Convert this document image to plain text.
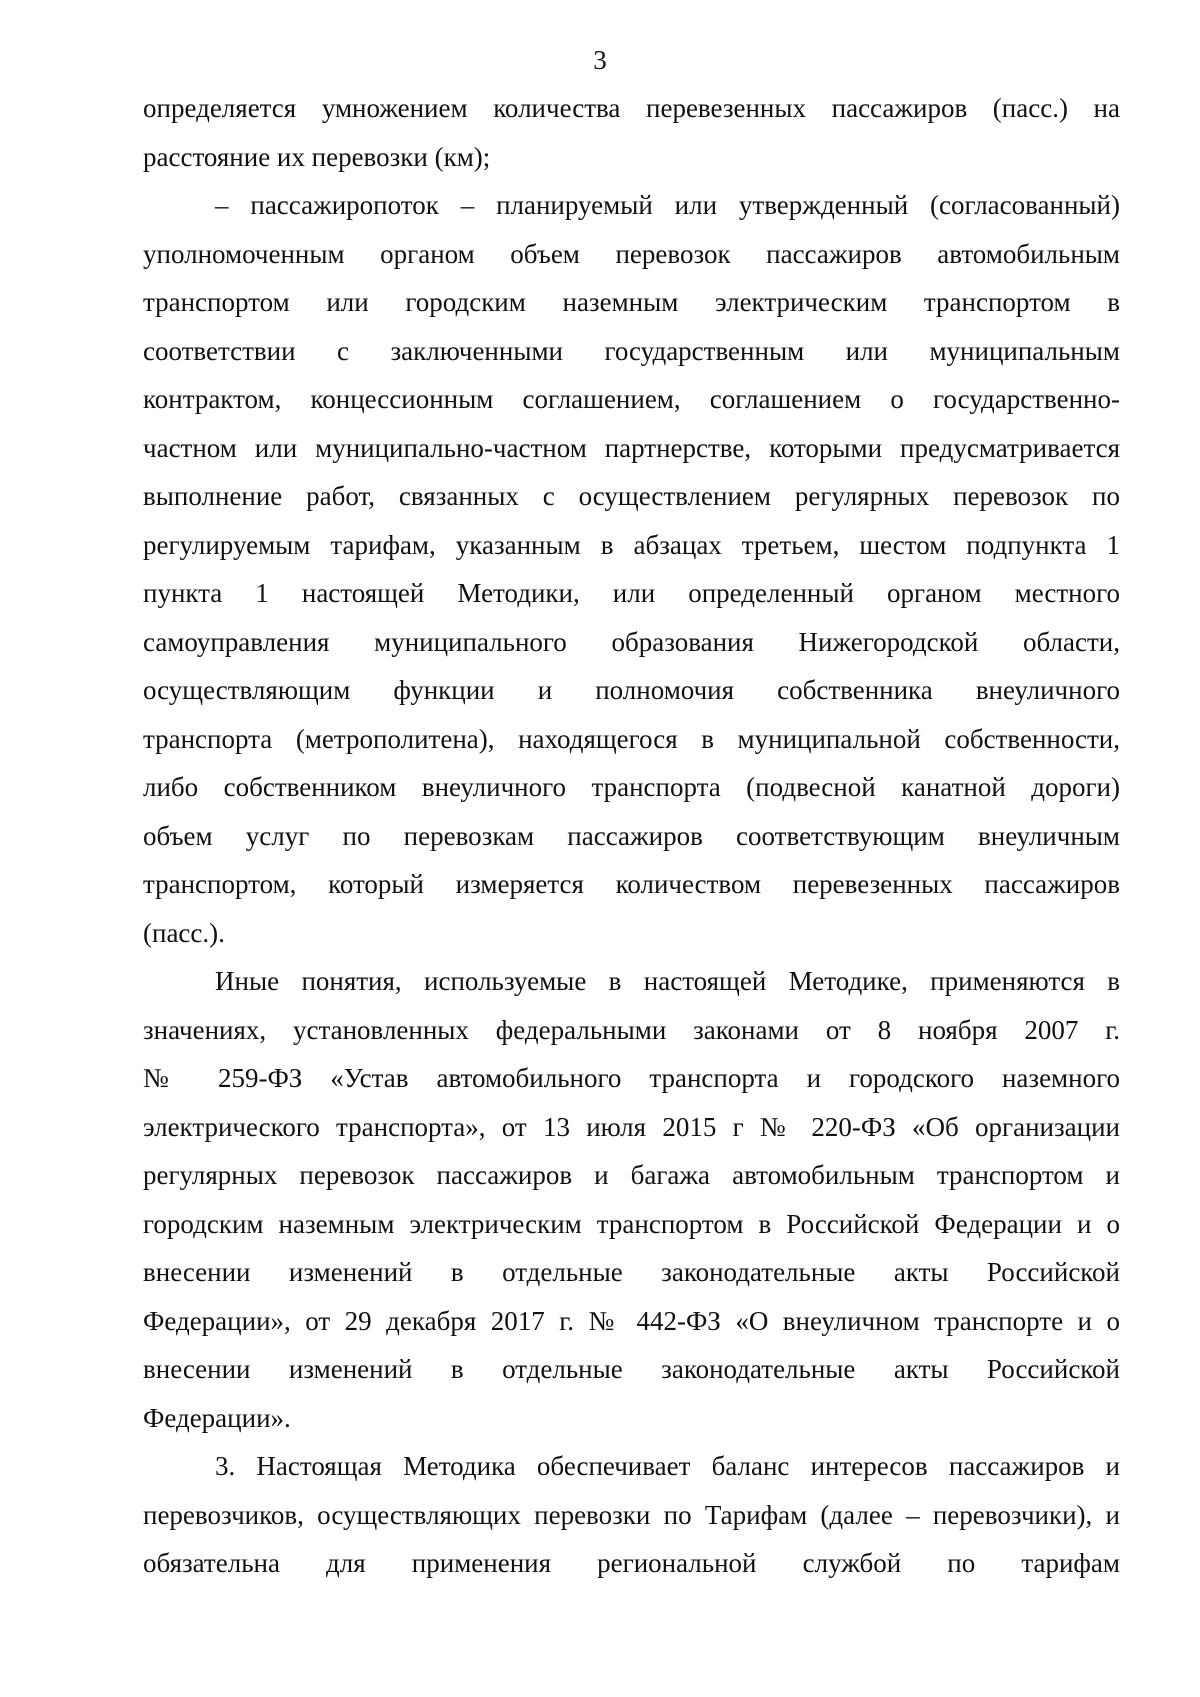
3

определяется умножением количества перевезенных пассажиров (пасс.) на

расстояние их перевозки (км);

– пассажиропоток – планируемый или утвержденный (согласованный)

уполномоченным органом объем перевозок пассажиров автомобильным

транспортом или городским наземным электрическим транспортом в

соответствии с заключенными государственным или муниципальным

контрактом, концессионным соглашением, соглашением о государственно-

частном или муниципально-частном партнерстве, которыми предусматривается

выполнение работ, связанных с осуществлением регулярных перевозок по

регулируемым тарифам, указанным в абзацах третьем, шестом подпункта 1

пункта 1 настоящей Методики, или определенный органом местного

самоуправления муниципального образования Нижегородской области,

осуществляющим функции и полномочия собственника внеуличного

транспорта (метрополитена), находящегося в муниципальной собственности,

либо собственником внеуличного транспорта (подвесной канатной дороги)

объем услуг по перевозкам пассажиров соответствующим внеуличным

транспортом, который измеряется количеством перевезенных пассажиров

(пасс.).

Иные понятия, используемые в настоящей Методике, применяются в

значениях, установленных федеральными законами от 8 ноября 2007 г.

№ 259-ФЗ «Устав автомобильного транспорта и городского наземного

электрического транспорта», от 13 июля 2015 г № 220-ФЗ «Об организации

регулярных перевозок пассажиров и багажа автомобильным транспортом и

городским наземным электрическим транспортом в Российской Федерации и о

внесении изменений в отдельные законодательные акты Российской

Федерации», от 29 декабря 2017 г. № 442-ФЗ «О внеуличном транспорте и о

внесении изменений в отдельные законодательные акты Российской

Федерации».

3. Настоящая Методика обеспечивает баланс интересов пассажиров и

перевозчиков, осуществляющих перевозки по Тарифам (далее – перевозчики), и

обязательна для применения региональной службой по тарифам
